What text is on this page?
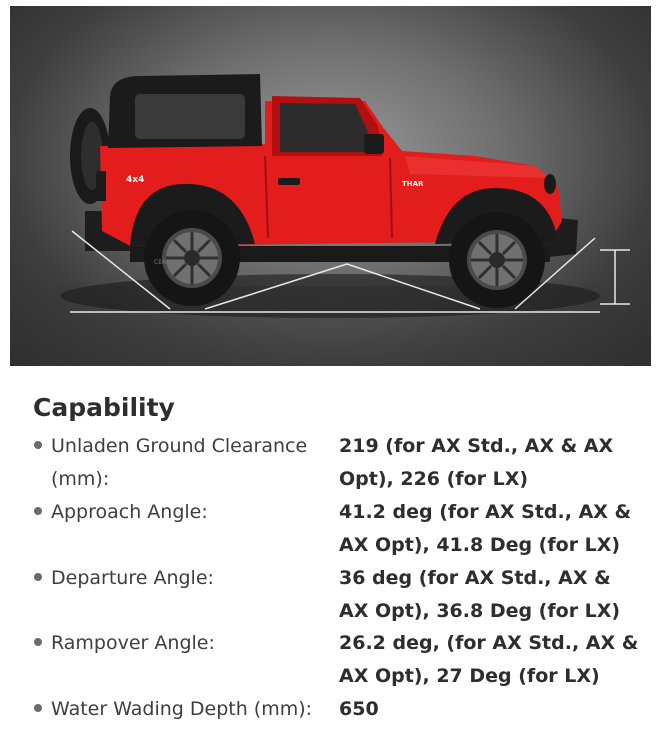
4x4	THAR
CEAT
Capability
Unladen Ground Clearance (mm):
219 (for AX Std., AX & AX Opt), 226 (for LX)
Approach Angle:	41.2 deg (for AX Std., AX & AX Opt), 41.8 Deg (for LX)
Departure Angle:	36 deg (for AX Std., AX & AX Opt), 36.8 Deg (for LX)
Rampover Angle:	26.2 deg, (for AX Std., AX & AX Opt), 27 Deg (for LX)
Water Wading Depth (mm):	650
